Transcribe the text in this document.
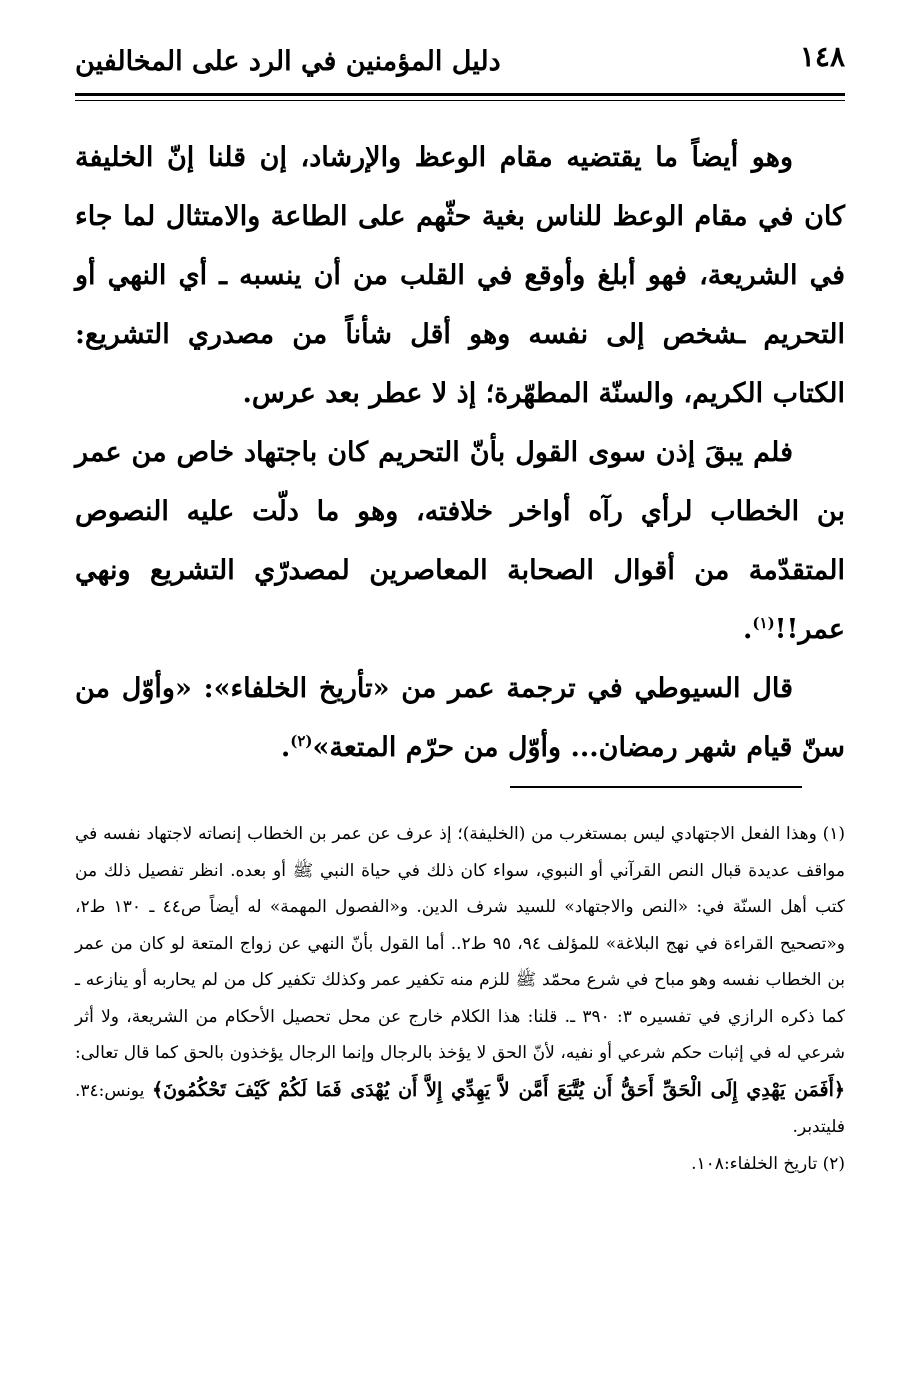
١٤٨
دليل المؤمنين في الرد على المخالفين

وهو أيضاً ما يقتضيه مقام الوعظ والإرشاد، إن قلنا إنّ الخليفة كان في مقام الوعظ للناس بغية حثّهم على الطاعة والامتثال لما جاء في الشريعة، فهو أبلغ وأوقع في القلب من أن ينسبه ـ أي النهي أو التحريم ـشخص إلى نفسه وهو أقل شأناً من مصدري التشريع: الكتاب الكريم، والسنّة المطهّرة؛ إذ لا عطر بعد عرس.

فلم يبقَ إذن سوى القول بأنّ التحريم كان باجتهاد خاص من عمر بن الخطاب لرأي رآه أواخر خلافته، وهو ما دلّت عليه النصوص المتقدّمة من أقوال الصحابة المعاصرين لمصدرّي التشريع ونهي عمر!!$^{(١)}$.

قال السيوطي في ترجمة عمر من «تأريخ الخلفاء»: «وأوّل من سنّ قيام شهر رمضان... وأوّل من حرّم المتعة»$^{(٢)}$.

(١) وهذا الفعل الاجتهادي ليس بمستغرب من (الخليفة)؛ إذ عرف عن عمر بن الخطاب إنصاته لاجتهاد نفسه في مواقف عديدة قبال النص القرآني أو النبوي، سواء كان ذلك في حياة النبي ﷺ أو بعده. انظر تفصيل ذلك من كتب أهل السنّة في: «النص والاجتهاد» للسيد شرف الدين. و«الفصول المهمة» له أيضاً ص٤٤ ـ ١٣٠ ط٢، و«تصحيح القراءة في نهج البلاغة» للمؤلف ٩٤، ٩٥ ط٢.. أما القول بأنّ النهي عن زواج المتعة لو كان من عمر بن الخطاب نفسه وهو مباح في شرع محمّد ﷺ للزم منه تكفير عمر وكذلك تكفير كل من لم يحاربه أو ينازعه ـ كما ذكره الرازي في تفسيره ٣: ٣٩٠ ـ. قلنا: هذا الكلام خارج عن محل تحصيل الأحكام من الشريعة، ولا أثر شرعي له في إثبات حكم شرعي أو نفيه، لأنّ الحق لا يؤخذ بالرجال وإنما الرجال يؤخذون بالحق كما قال تعالى: ﴿أَفَمَن يَهْدِي إِلَى الْحَقِّ أَحَقُّ أَن يُتَّبَعَ أَمَّن لاَّ يَهِدِّي إِلاَّ أَن يُهْدَى فَمَا لَكُمْ كَيْفَ تَحْكُمُونَ﴾ يونس:٣٤. فليتدبر.

(٢) تاريخ الخلفاء:١٠٨.
